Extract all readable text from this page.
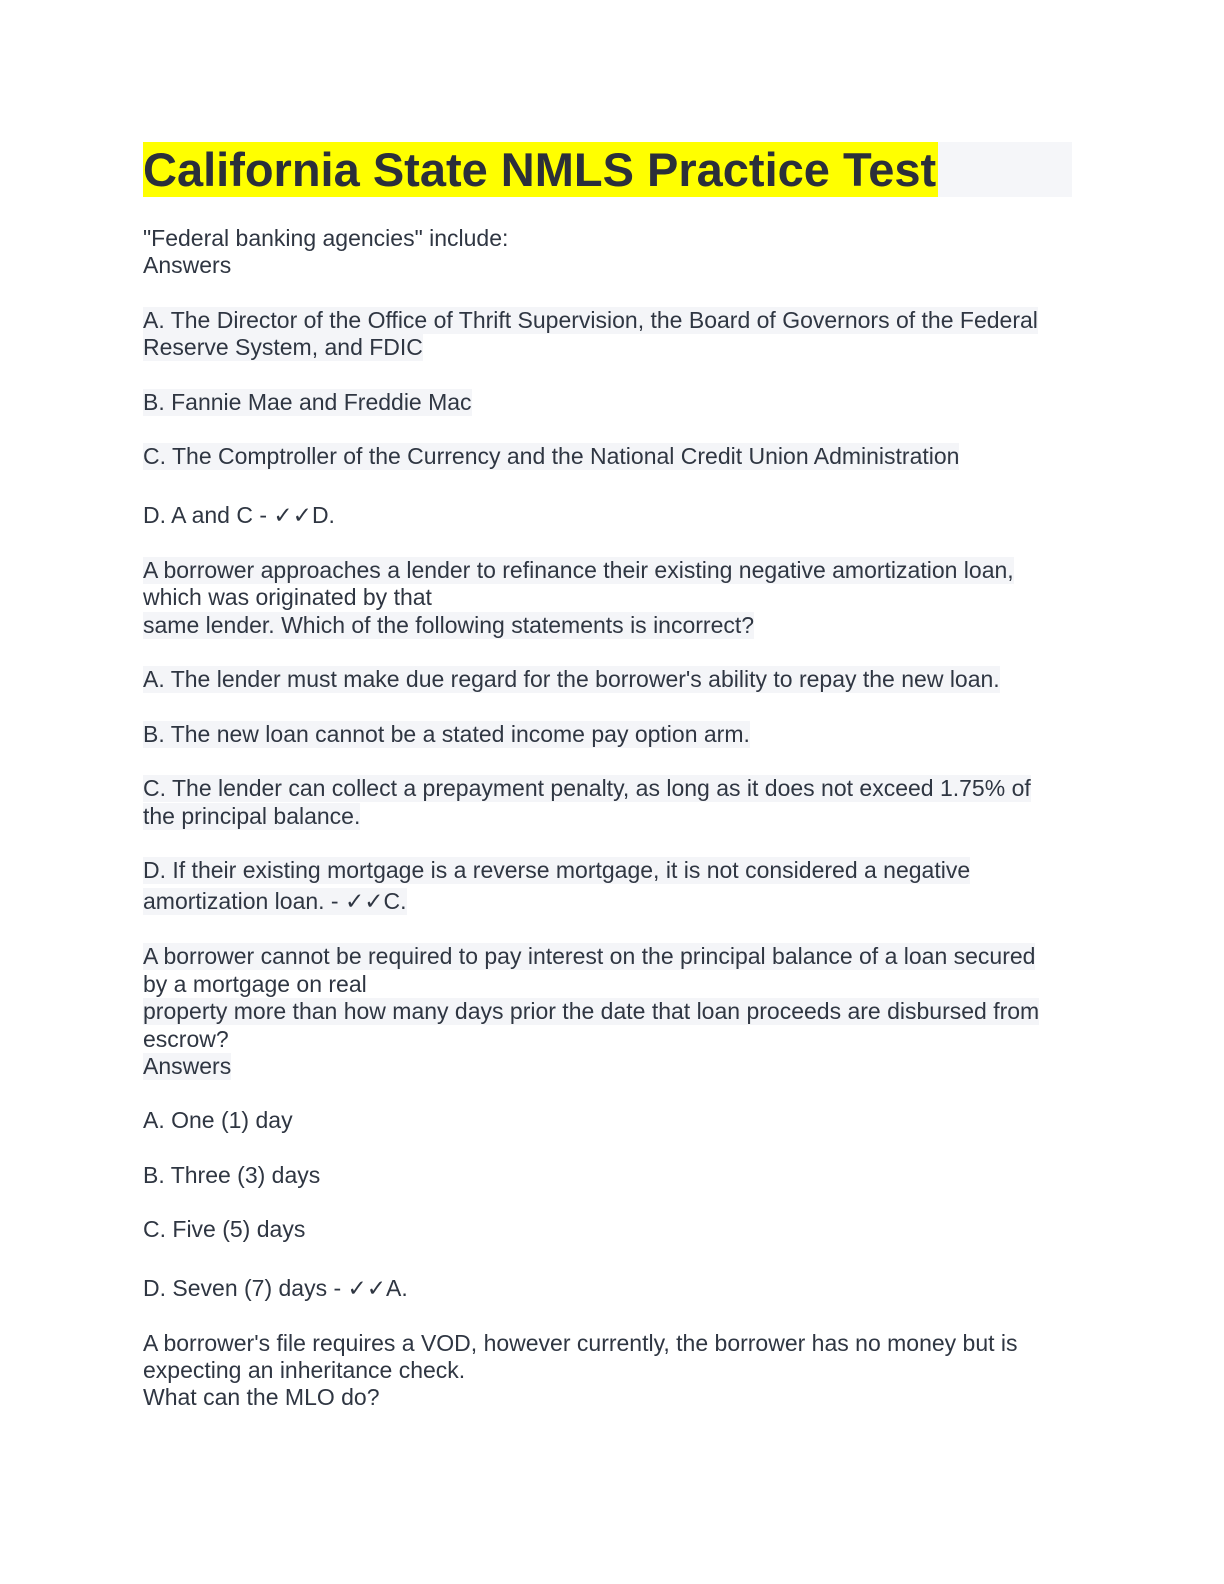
California State NMLS Practice Test
"Federal banking agencies" include:
Answers
A. The Director of the Office of Thrift Supervision, the Board of Governors of the Federal
Reserve System, and FDIC
B. Fannie Mae and Freddie Mac
C. The Comptroller of the Currency and the National Credit Union Administration
D. A and C - ✓✓D.
A borrower approaches a lender to refinance their existing negative amortization loan,
which was originated by that
same lender. Which of the following statements is incorrect?
A. The lender must make due regard for the borrower's ability to repay the new loan.
B. The new loan cannot be a stated income pay option arm.
C. The lender can collect a prepayment penalty, as long as it does not exceed 1.75% of
the principal balance.
D. If their existing mortgage is a reverse mortgage, it is not considered a negative
amortization loan. - ✓✓C.
A borrower cannot be required to pay interest on the principal balance of a loan secured
by a mortgage on real
property more than how many days prior the date that loan proceeds are disbursed from
escrow?
Answers
A. One (1) day
B. Three (3) days
C. Five (5) days
D. Seven (7) days - ✓✓A.
A borrower's file requires a VOD, however currently, the borrower has no money but is
expecting an inheritance check.
What can the MLO do?
